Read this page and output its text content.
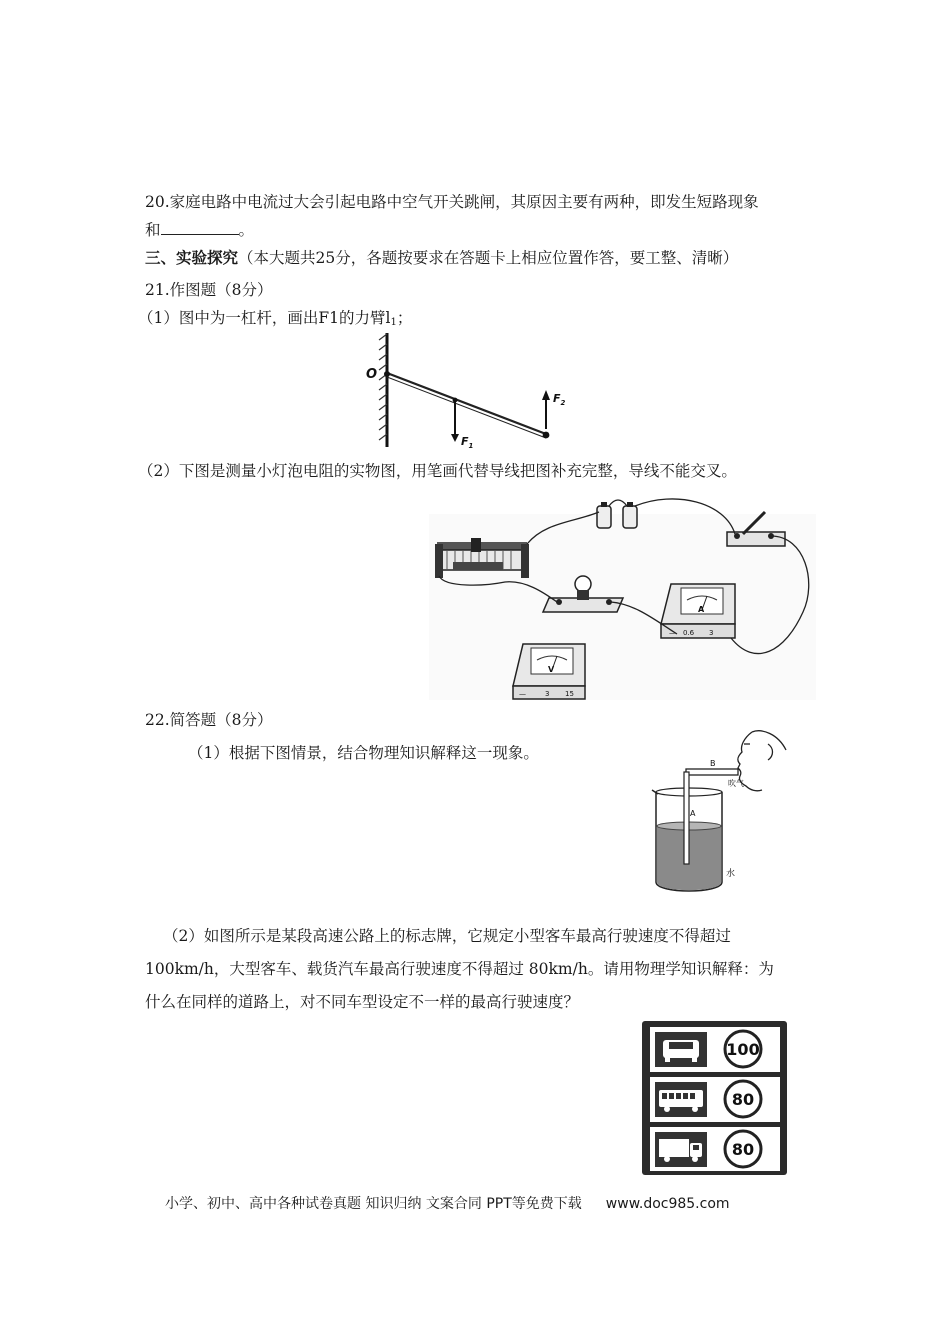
20.家庭电路中电流过大会引起电路中空气开关跳闸，其原因主要有两种，即发生短路现象
和	。
三、实验探究（本大题共25分，各题按要求在答题卡上相应位置作答，要工整、清晰）
21.作图题（8分）
（1）图中为一杠杆，画出F1的力臂$l_1$；
O
$F_1$
$F_2$
（2）下图是测量小灯泡电阻的实物图，用笔画代替导线把图补充完整，导线不能交叉。
A
— 0.6 3
V
—	3 15
22.简答题（8分）
（1）根据下图情景，结合物理知识解释这一现象。
B
吹气
A
水
（2）如图所示是某段高速公路上的标志牌，它规定小型客车最高行驶速度不得超过
100km/h，大型客车、载货汽车最高行驶速度不得超过 80km/h。请用物理学知识解释：为
什么在同样的道路上，对不同车型设定不一样的最高行驶速度？
100
80
80
小学、初中、高中各种试卷真题 知识归纳 文案合同 PPT等免费下载 www.doc985.com
